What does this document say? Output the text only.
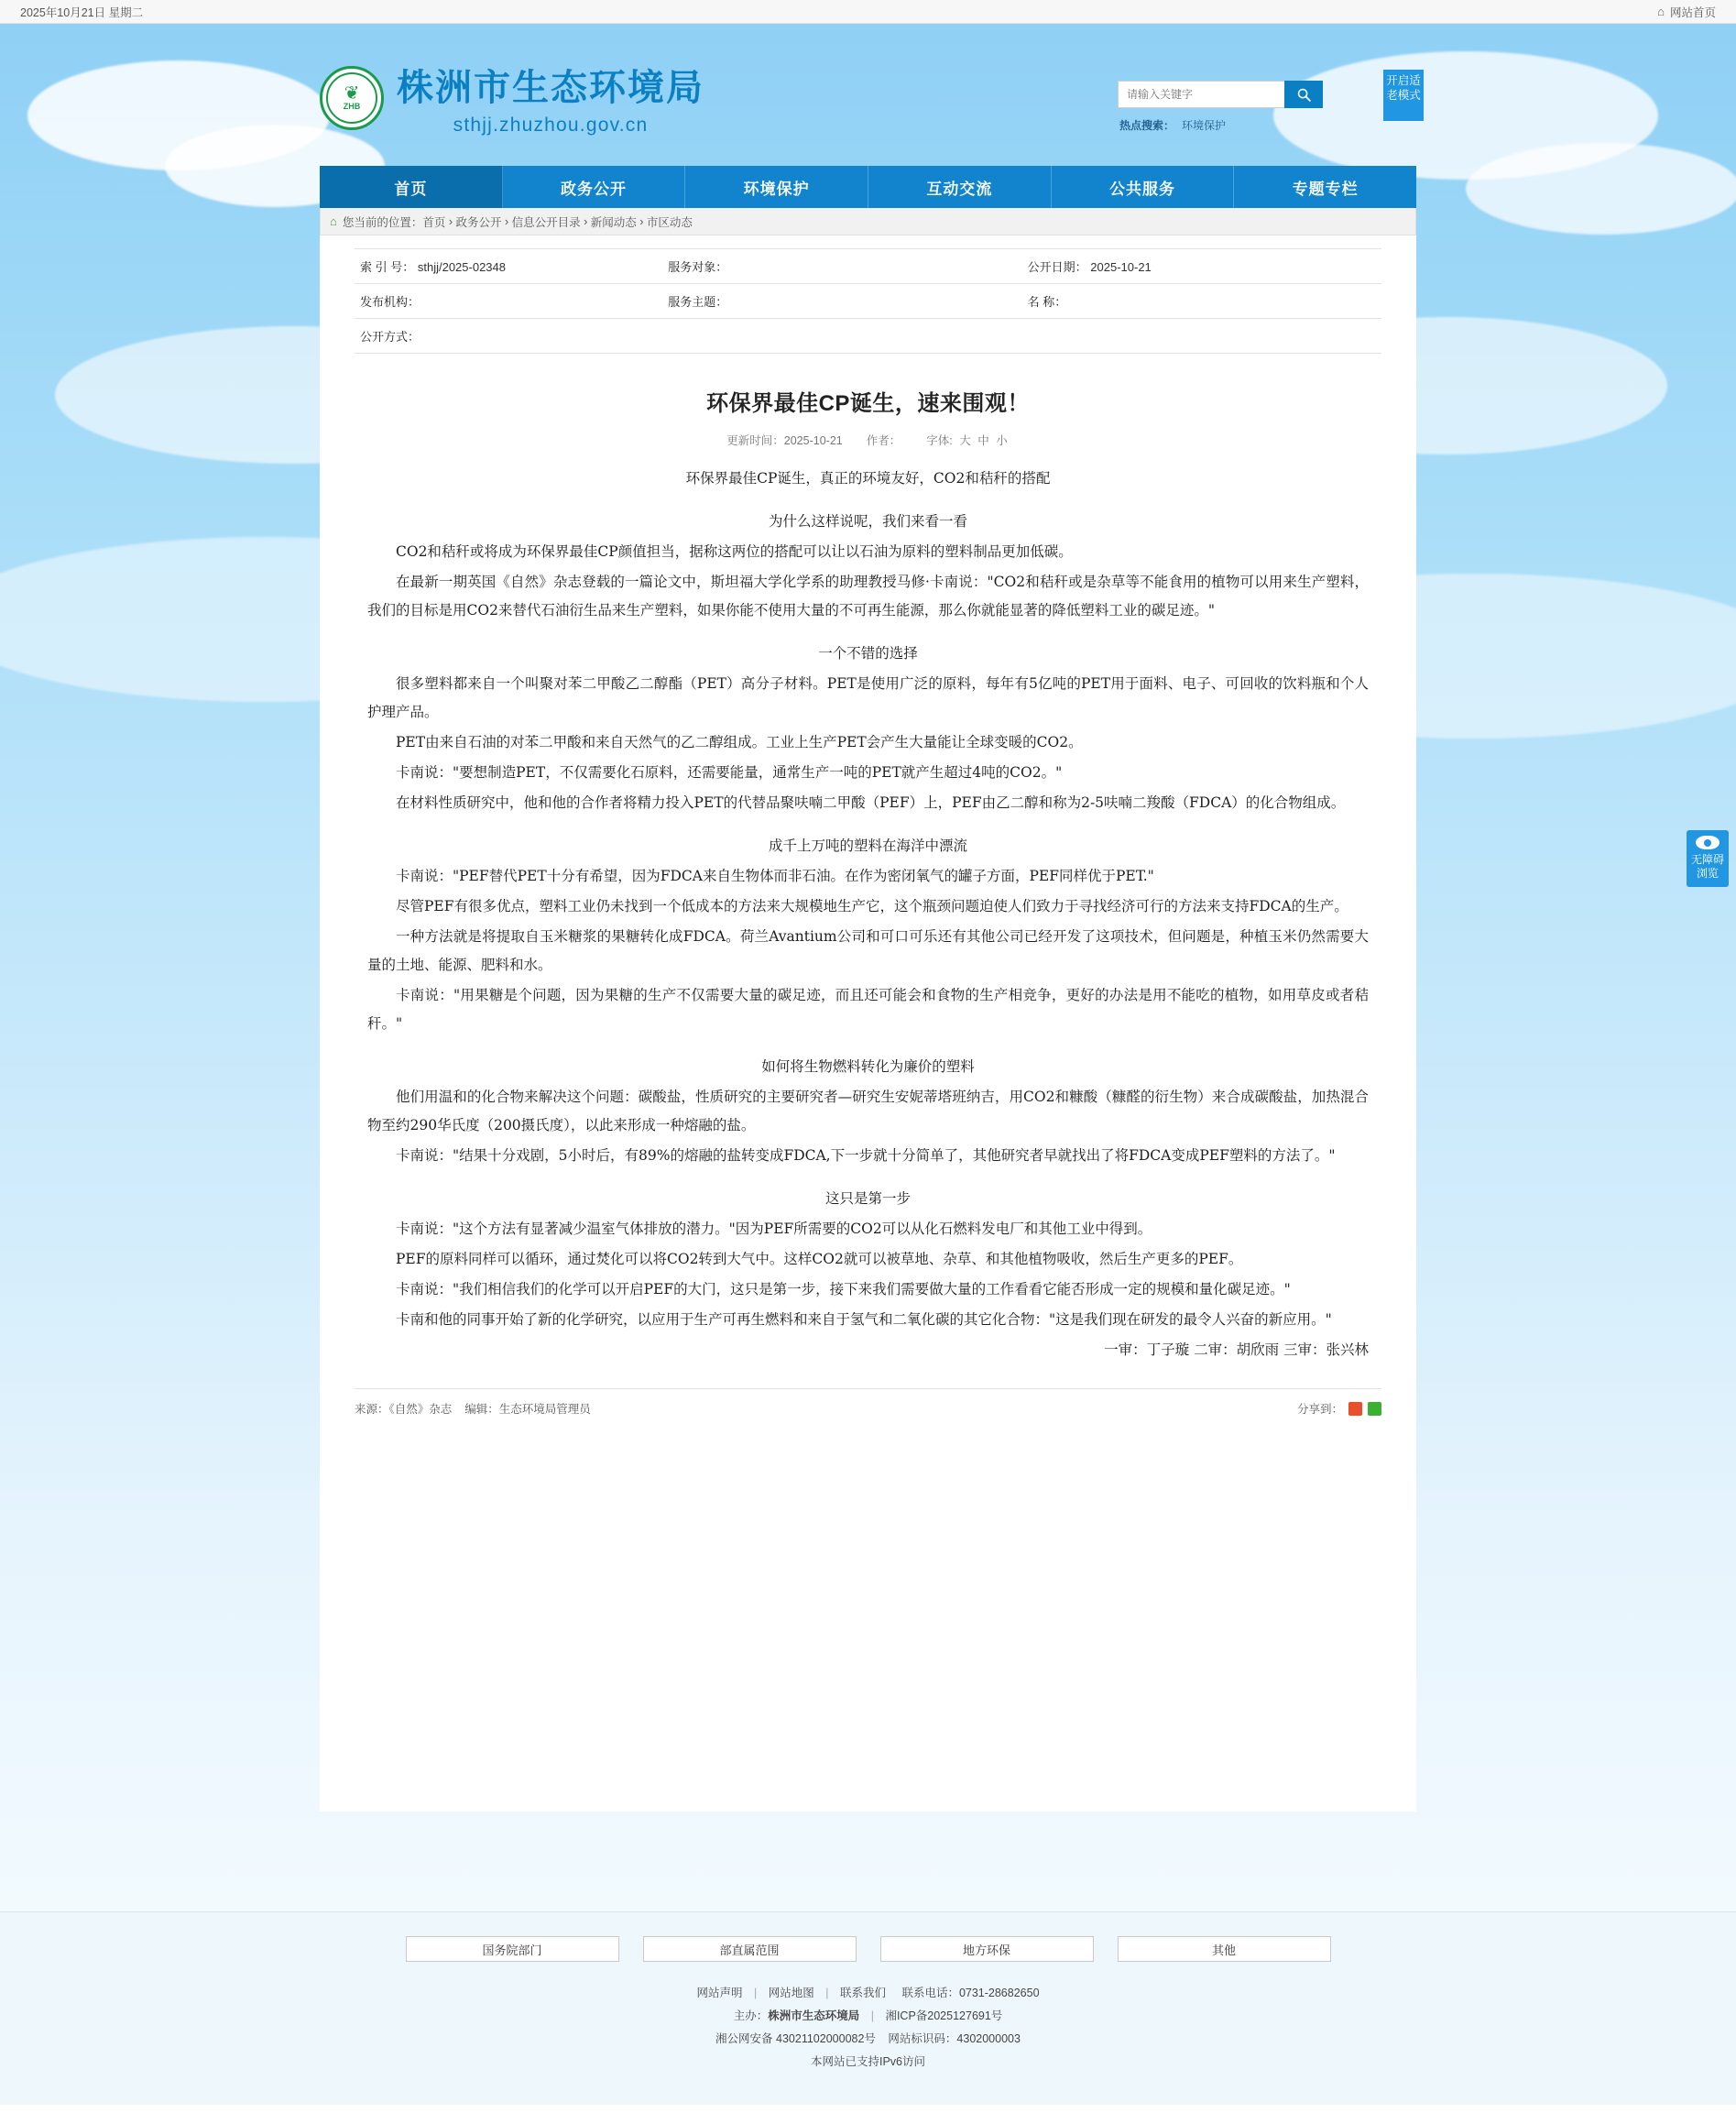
2025年10月21日 星期二	⌂ 网站首页
无障碍浏览
❦
ZHB 株洲市生态环境局
sthjj.zhuzhou.gov.cn
请输入关键字	热点搜索： 环境保护
开启适老模式
首页	政务公开	环境保护	互动交流	公共服务	专题专栏
⌂ 您当前的位置： 首页 › 政务公开 › 信息公开目录 › 新闻动态 › 市区动态
索 引 号： sthjj/2025-02348	服务对象：	公开日期： 2025-10-21
发布机构：	服务主题：	名 称：
公开方式：		
环保界最佳CP诞生，速来围观！
更新时间：2025-10-21 作者： 字体: 大 中 小

环保界最佳CP诞生，真正的环境友好，CO2和秸秆的搭配

为什么这样说呢，我们来看一看

CO2和秸秆或将成为环保界最佳CP颜值担当，据称这两位的搭配可以让以石油为原料的塑料制品更加低碳。

在最新一期英国《自然》杂志登载的一篇论文中，斯坦福大学化学系的助理教授马修·卡南说："CO2和秸秆或是杂草等不能食用的植物可以用来生产塑料，我们的目标是用CO2来替代石油衍生品来生产塑料，如果你能不使用大量的不可再生能源，那么你就能显著的降低塑料工业的碳足迹。"

一个不错的选择

很多塑料都来自一个叫聚对苯二甲酸乙二醇酯（PET）高分子材料。PET是使用广泛的原料，每年有5亿吨的PET用于面料、电子、可回收的饮料瓶和个人护理产品。

PET由来自石油的对苯二甲酸和来自天然气的乙二醇组成。工业上生产PET会产生大量能让全球变暖的CO2。

卡南说："要想制造PET，不仅需要化石原料，还需要能量，通常生产一吨的PET就产生超过4吨的CO2。"

在材料性质研究中，他和他的合作者将精力投入PET的代替品聚呋喃二甲酸（PEF）上，PEF由乙二醇和称为2-5呋喃二羧酸（FDCA）的化合物组成。

成千上万吨的塑料在海洋中漂流

卡南说："PEF替代PET十分有希望，因为FDCA来自生物体而非石油。在作为密闭氧气的罐子方面，PEF同样优于PET."

尽管PEF有很多优点，塑料工业仍未找到一个低成本的方法来大规模地生产它，这个瓶颈问题迫使人们致力于寻找经济可行的方法来支持FDCA的生产。

一种方法就是将提取自玉米糖浆的果糖转化成FDCA。荷兰Avantium公司和可口可乐还有其他公司已经开发了这项技术，但问题是，种植玉米仍然需要大量的土地、能源、肥料和水。

卡南说："用果糖是个问题，因为果糖的生产不仅需要大量的碳足迹，而且还可能会和食物的生产相竞争，更好的办法是用不能吃的植物，如用草皮或者秸秆。"

如何将生物燃料转化为廉价的塑料

他们用温和的化合物来解决这个问题：碳酸盐，性质研究的主要研究者—研究生安妮蒂塔班纳吉，用CO2和糠酸（糠醛的衍生物）来合成碳酸盐，加热混合物至约290华氏度（200摄氏度），以此来形成一种熔融的盐。

卡南说："结果十分戏剧，5小时后，有89%的熔融的盐转变成FDCA,下一步就十分简单了，其他研究者早就找出了将FDCA变成PEF塑料的方法了。"

这只是第一步

卡南说："这个方法有显著减少温室气体排放的潜力。"因为PEF所需要的CO2可以从化石燃料发电厂和其他工业中得到。

PEF的原料同样可以循环，通过焚化可以将CO2转到大气中。这样CO2就可以被草地、杂草、和其他植物吸收，然后生产更多的PEF。

卡南说："我们相信我们的化学可以开启PEF的大门，这只是第一步，接下来我们需要做大量的工作看看它能否形成一定的规模和量化碳足迹。"

卡南和他的同事开始了新的化学研究，以应用于生产可再生燃料和来自于氢气和二氧化碳的其它化合物："这是我们现在研发的最令人兴奋的新应用。"

一审：丁子璇 二审：胡欣雨 三审：张兴林

来源：《自然》杂志 编辑：生态环境局管理员	分享到：
国务院部门	部直属范围	地方环保	其他
网站声明 | 网站地图 | 联系我们 联系电话：0731-28682650
主办：株洲市生态环境局 | 湘ICP备2025127691号
湘公网安备 43021102000082号 网站标识码：4302000003
本网站已支持IPv6访问
